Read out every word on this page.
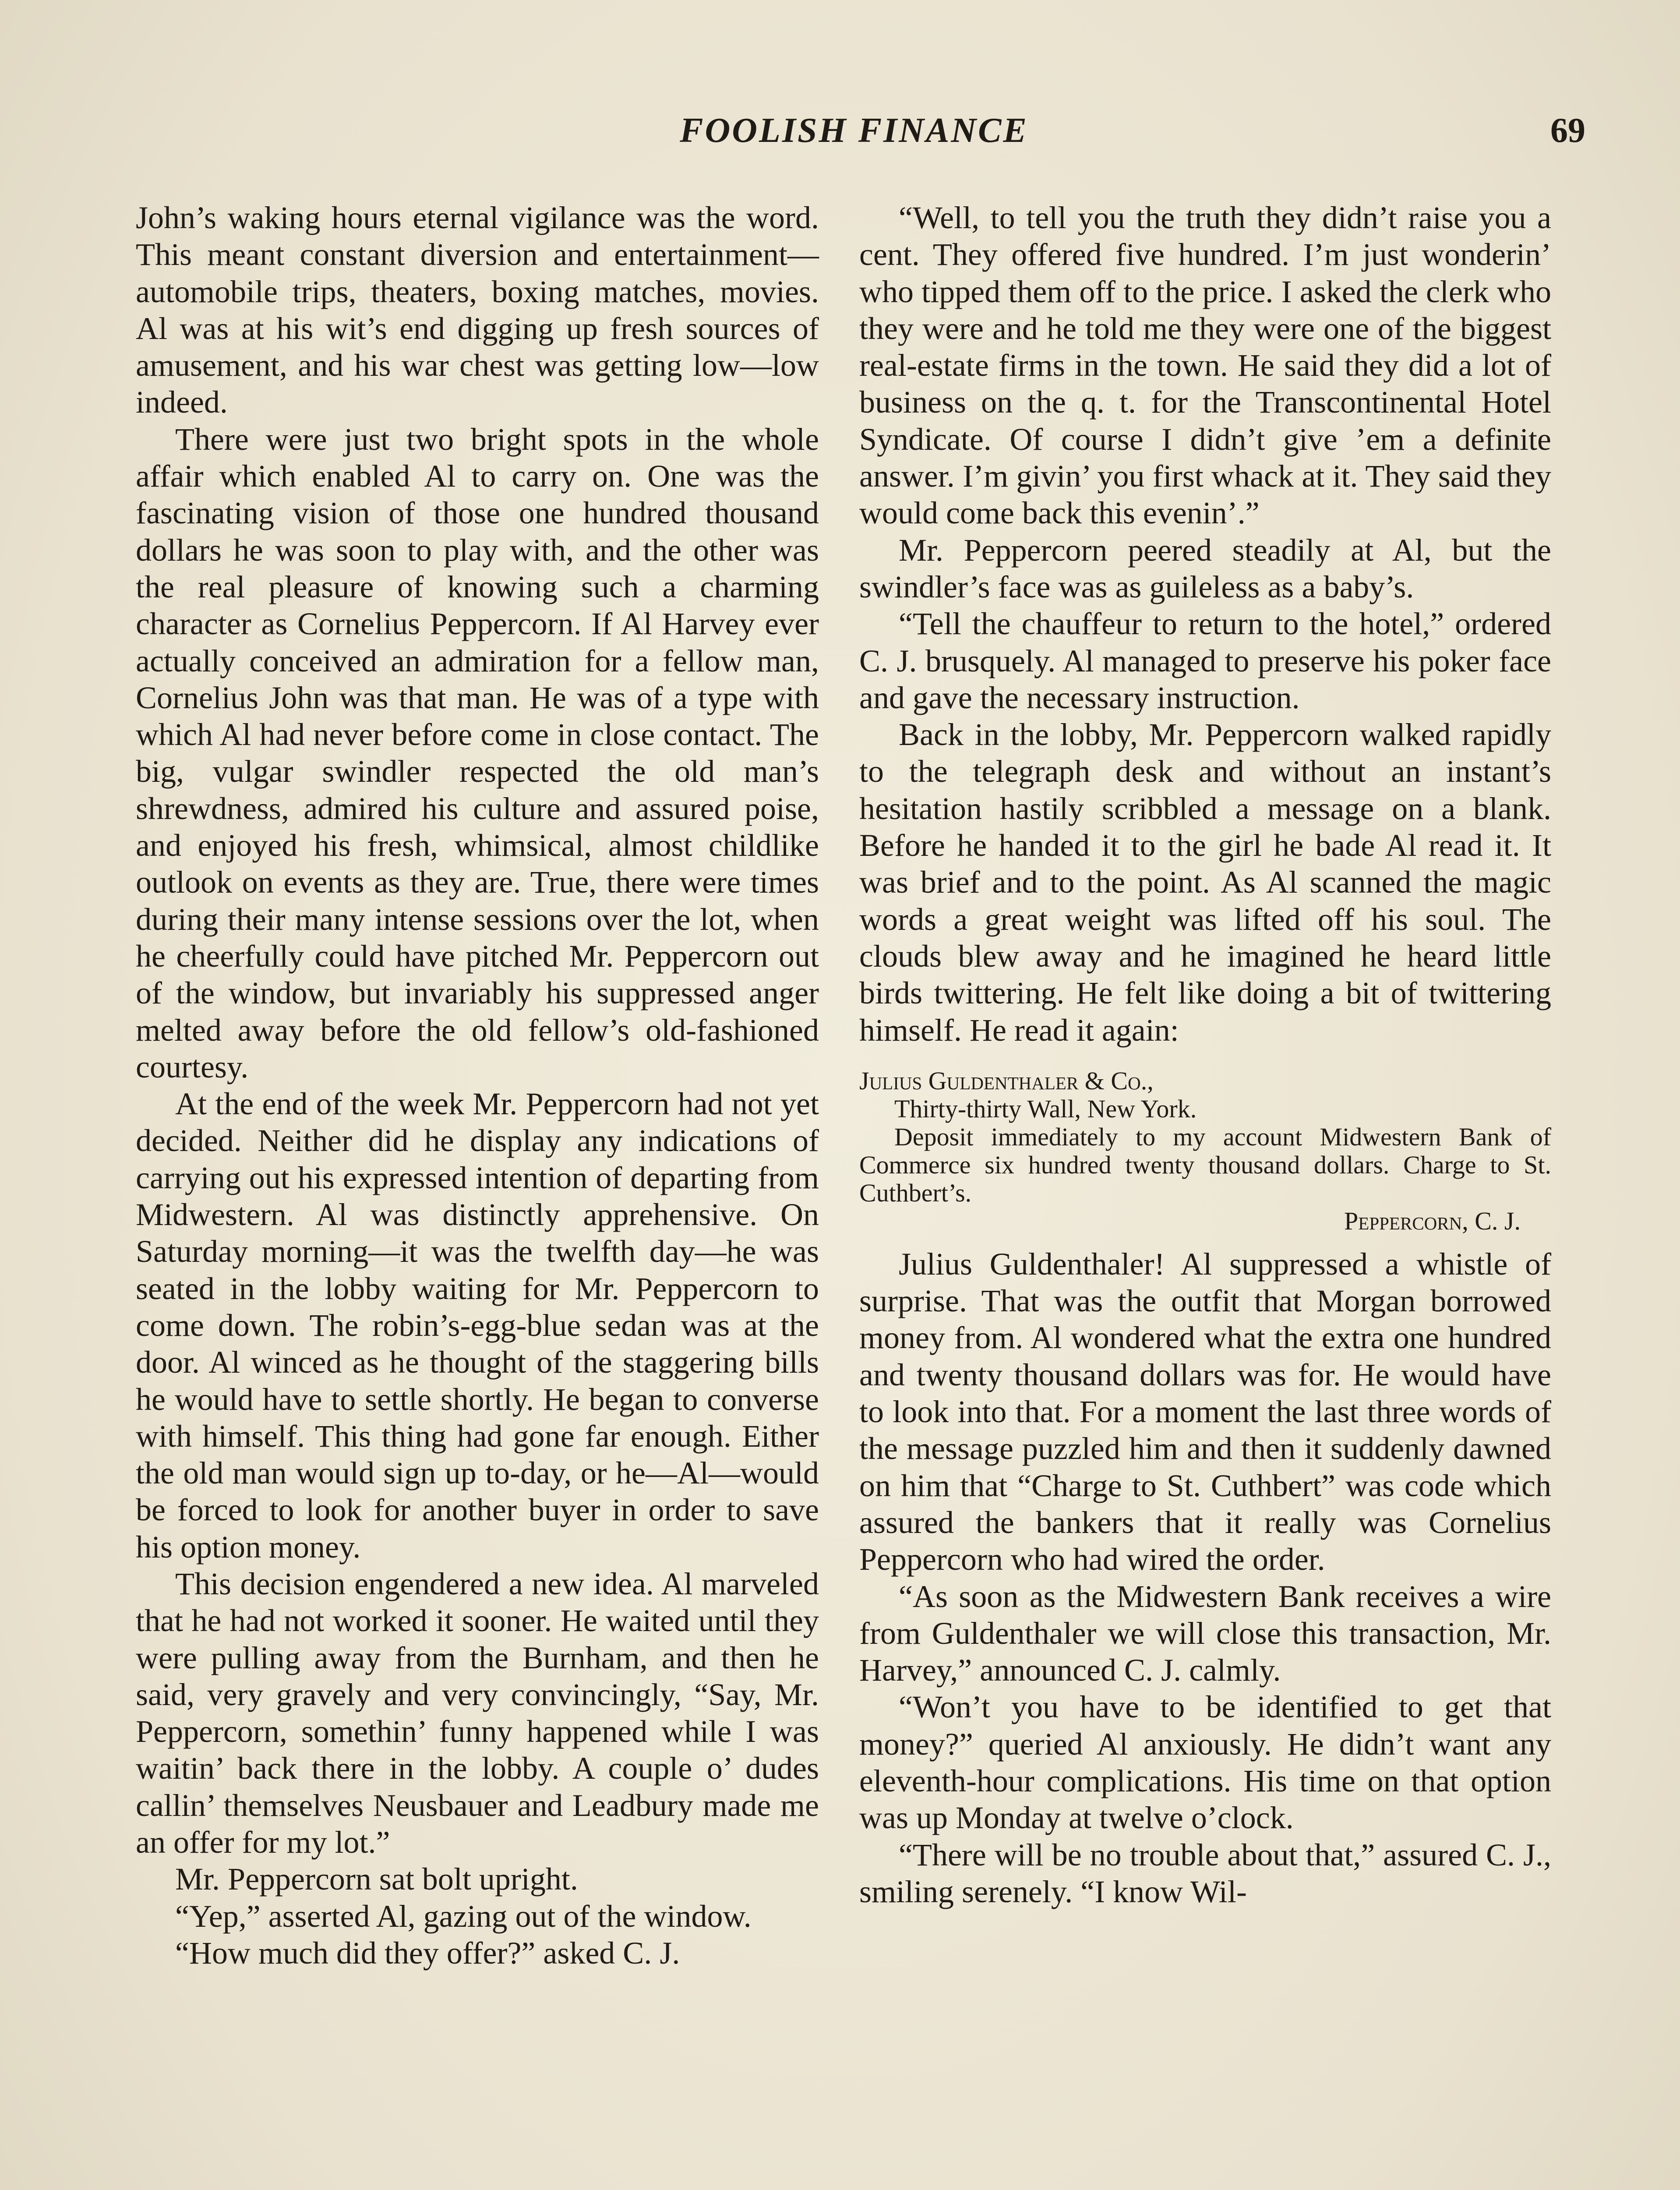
FOOLISH FINANCE	69

John’s waking hours eternal vigilance was the word. This meant constant diversion and entertainment—automobile trips, theaters, boxing matches, movies. Al was at his wit’s end digging up fresh sources of amusement, and his war chest was getting low—low indeed.

There were just two bright spots in the whole affair which enabled Al to carry on. One was the fascinating vision of those one hundred thousand dollars he was soon to play with, and the other was the real pleasure of knowing such a charming character as Cornelius Peppercorn. If Al Harvey ever actually conceived an admiration for a fellow man, Cornelius John was that man. He was of a type with which Al had never before come in close contact. The big, vulgar swindler respected the old man’s shrewdness, admired his culture and assured poise, and enjoyed his fresh, whimsical, almost childlike outlook on events as they are. True, there were times during their many intense sessions over the lot, when he cheerfully could have pitched Mr. Peppercorn out of the window, but invariably his suppressed anger melted away before the old fellow’s old-fashioned courtesy.

At the end of the week Mr. Peppercorn had not yet decided. Neither did he display any indications of carrying out his expressed intention of departing from Midwestern. Al was distinctly apprehensive. On Saturday morning—it was the twelfth day—he was seated in the lobby waiting for Mr. Peppercorn to come down. The robin’s-egg-blue sedan was at the door. Al winced as he thought of the staggering bills he would have to settle shortly. He began to converse with himself. This thing had gone far enough. Either the old man would sign up to-day, or he—Al—would be forced to look for another buyer in order to save his option money.

This decision engendered a new idea. Al marveled that he had not worked it sooner. He waited until they were pulling away from the Burnham, and then he said, very gravely and very convincingly, “Say, Mr. Peppercorn, somethin’ funny happened while I was waitin’ back there in the lobby. A couple o’ dudes callin’ themselves Neusbauer and Leadbury made me an offer for my lot.”

Mr. Peppercorn sat bolt upright.

“Yep,” asserted Al, gazing out of the window.

“How much did they offer?” asked C. J.

“Well, to tell you the truth they didn’t raise you a cent. They offered five hundred. I’m just wonderin’ who tipped them off to the price. I asked the clerk who they were and he told me they were one of the biggest real-estate firms in the town. He said they did a lot of business on the q. t. for the Transcontinental Hotel Syndicate. Of course I didn’t give ’em a definite answer. I’m givin’ you first whack at it. They said they would come back this evenin’.”

Mr. Peppercorn peered steadily at Al, but the swindler’s face was as guileless as a baby’s.

“Tell the chauffeur to return to the hotel,” ordered C. J. brusquely. Al managed to preserve his poker face and gave the necessary instruction.

Back in the lobby, Mr. Peppercorn walked rapidly to the telegraph desk and without an instant’s hesitation hastily scribbled a message on a blank. Before he handed it to the girl he bade Al read it. It was brief and to the point. As Al scanned the magic words a great weight was lifted off his soul. The clouds blew away and he imagined he heard little birds twittering. He felt like doing a bit of twittering himself. He read it again:

Julius Guldenthaler & Co.,
Thirty-thirty Wall, New York.
Deposit immediately to my account Midwestern Bank of Commerce six hundred twenty thousand dollars. Charge to St. Cuthbert’s.
Peppercorn, C. J.

Julius Guldenthaler! Al suppressed a whistle of surprise. That was the outfit that Morgan borrowed money from. Al wondered what the extra one hundred and twenty thousand dollars was for. He would have to look into that. For a moment the last three words of the message puzzled him and then it suddenly dawned on him that “Charge to St. Cuthbert” was code which assured the bankers that it really was Cornelius Peppercorn who had wired the order.

“As soon as the Midwestern Bank receives a wire from Guldenthaler we will close this transaction, Mr. Harvey,” announced C. J. calmly.

“Won’t you have to be identified to get that money?” queried Al anxiously. He didn’t want any eleventh-hour complications. His time on that option was up Monday at twelve o’clock.

“There will be no trouble about that,” assured C. J., smiling serenely. “I know Wil-
